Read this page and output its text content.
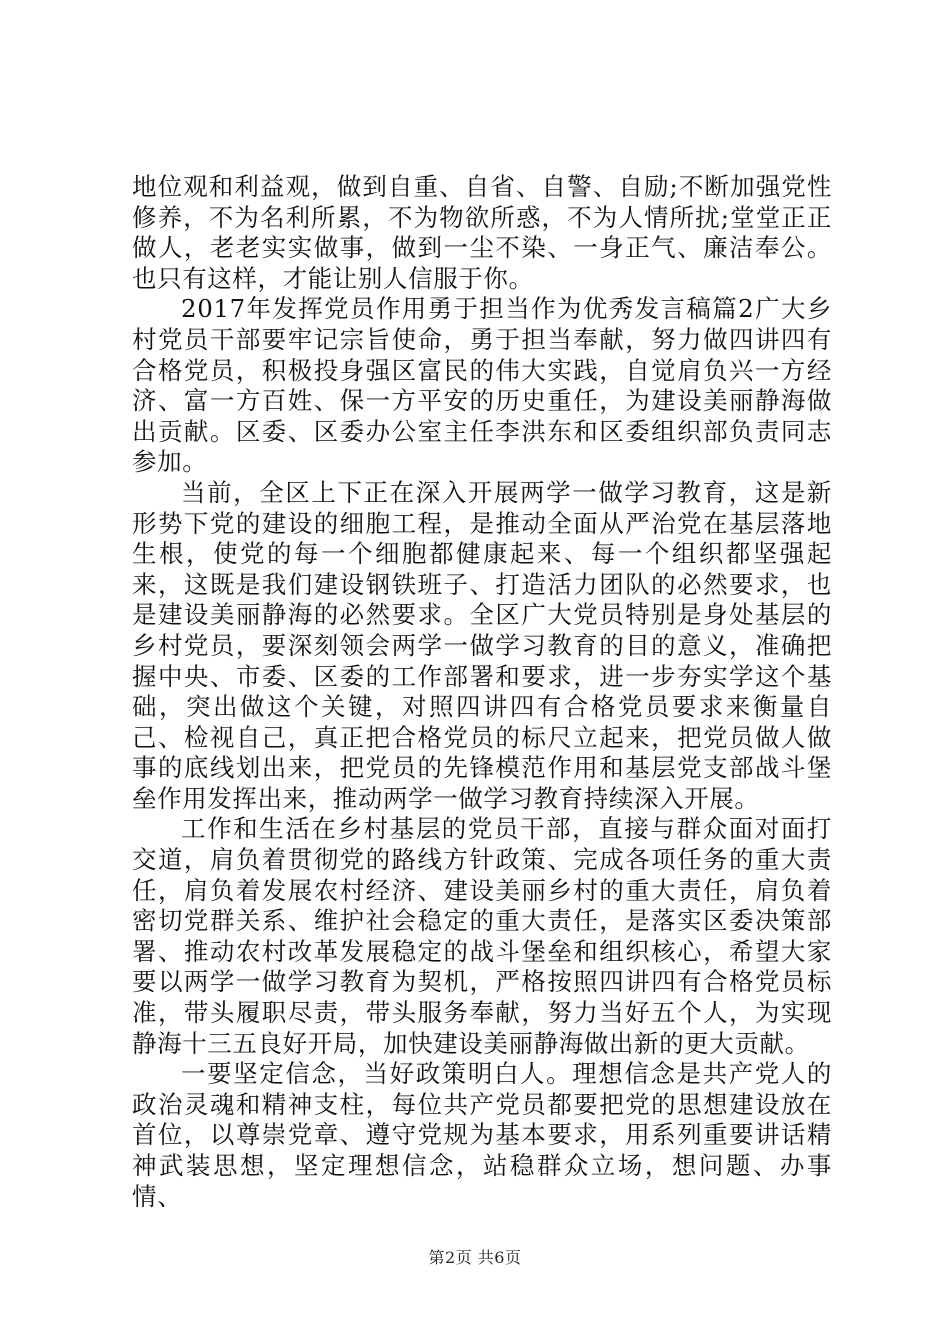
地位观和利益观，做到自重、自省、自警、自励;不断加强党性修养，不为名利所累，不为物欲所惑，不为人情所扰;堂堂正正做人，老老实实做事，做到一尘不染、一身正气、廉洁奉公。也只有这样，才能让别人信服于你。

2017年发挥党员作用勇于担当作为优秀发言稿篇2广大乡村党员干部要牢记宗旨使命，勇于担当奉献，努力做四讲四有合格党员，积极投身强区富民的伟大实践，自觉肩负兴一方经济、富一方百姓、保一方平安的历史重任，为建设美丽静海做出贡献。区委、区委办公室主任李洪东和区委组织部负责同志参加。

当前，全区上下正在深入开展两学一做学习教育，这是新形势下党的建设的细胞工程，是推动全面从严治党在基层落地生根，使党的每一个细胞都健康起来、每一个组织都坚强起来，这既是我们建设钢铁班子、打造活力团队的必然要求，也是建设美丽静海的必然要求。全区广大党员特别是身处基层的乡村党员，要深刻领会两学一做学习教育的目的意义，准确把握中央、市委、区委的工作部署和要求，进一步夯实学这个基础，突出做这个关键，对照四讲四有合格党员要求来衡量自己、检视自己，真正把合格党员的标尺立起来，把党员做人做事的底线划出来，把党员的先锋模范作用和基层党支部战斗堡垒作用发挥出来，推动两学一做学习教育持续深入开展。

工作和生活在乡村基层的党员干部，直接与群众面对面打交道，肩负着贯彻党的路线方针政策、完成各项任务的重大责任，肩负着发展农村经济、建设美丽乡村的重大责任，肩负着密切党群关系、维护社会稳定的重大责任，是落实区委决策部署、推动农村改革发展稳定的战斗堡垒和组织核心，希望大家要以两学一做学习教育为契机，严格按照四讲四有合格党员标准，带头履职尽责，带头服务奉献，努力当好五个人，为实现静海十三五良好开局，加快建设美丽静海做出新的更大贡献。

一要坚定信念，当好政策明白人。理想信念是共产党人的政治灵魂和精神支柱，每位共产党员都要把党的思想建设放在首位，以尊崇党章、遵守党规为基本要求，用系列重要讲话精神武装思想，坚定理想信念，站稳群众立场，想问题、办事情、

第2页 共6页
